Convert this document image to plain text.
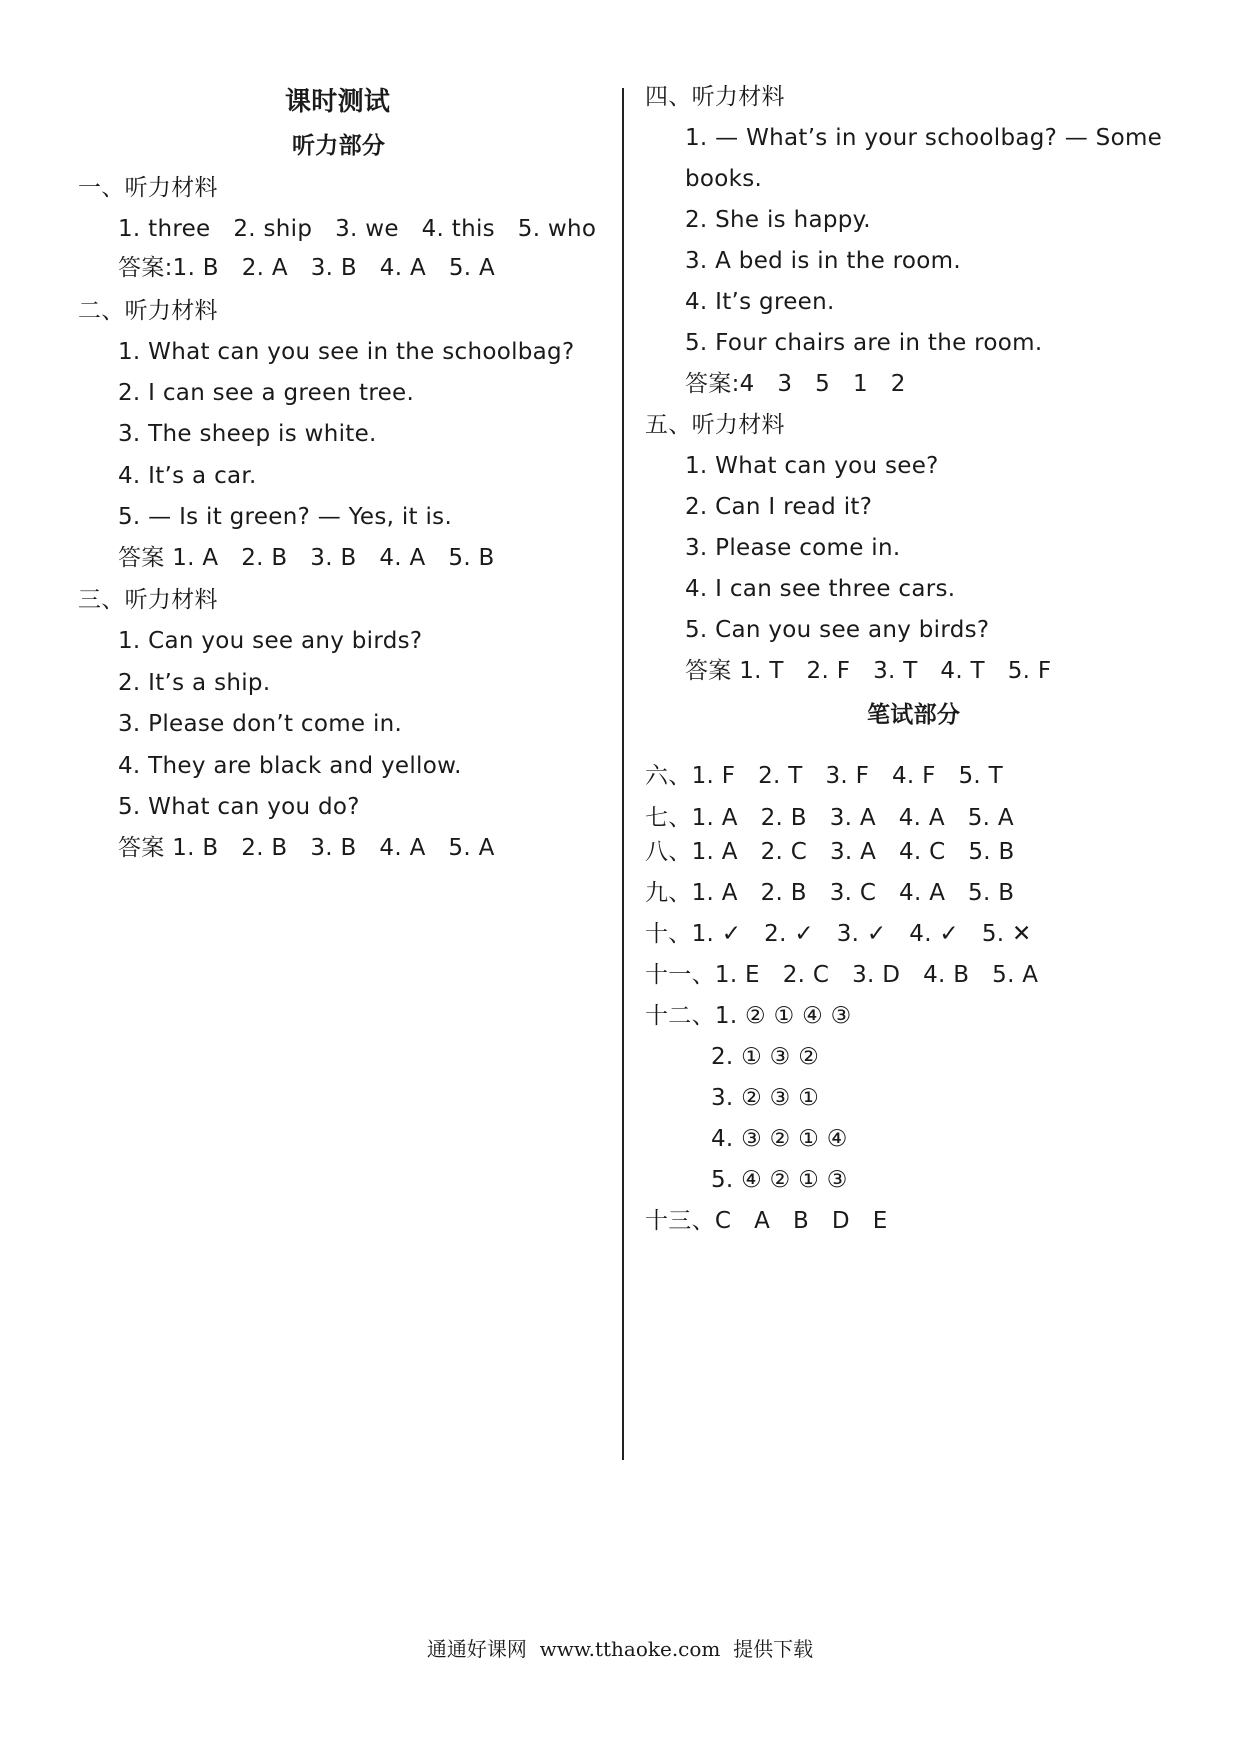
课时测试
听力部分
一、听力材料
1. three   2. ship   3. we   4. this   5. who
答案:1. B   2. A   3. B   4. A   5. A
二、听力材料
1. What can you see in the schoolbag?
2. I can see a green tree.
3. The sheep is white.
4. It’s a car.
5. — Is it green? — Yes, it is.
答案 1. A   2. B   3. B   4. A   5. B
三、听力材料
1. Can you see any birds?
2. It’s a ship.
3. Please don’t come in.
4. They are black and yellow.
5. What can you do?
答案 1. B   2. B   3. B   4. A   5. A
四、听力材料
1. — What’s in your schoolbag? — Some
books.
2. She is happy.
3. A bed is in the room.
4. It’s green.
5. Four chairs are in the room.
答案:4   3   5   1   2
五、听力材料
1. What can you see?
2. Can I read it?
3. Please come in.
4. I can see three cars.
5. Can you see any birds?
答案 1. T   2. F   3. T   4. T   5. F
笔试部分
六、1. F   2. T   3. F   4. F   5. T
七、1. A   2. B   3. A   4. A   5. A
八、1. A   2. C   3. A   4. C   5. B
九、1. A   2. B   3. C   4. A   5. B
十、1. ✓   2. ✓   3. ✓   4. ✓   5. ✕
十一、1. E   2. C   3. D   4. B   5. A
十二、1. ② ① ④ ③
2. ① ③ ②
3. ② ③ ①
4. ③ ② ① ④
5. ④ ② ① ③
十三、C   A   B   D   E
通通好课网  www.tthaoke.com  提供下载
